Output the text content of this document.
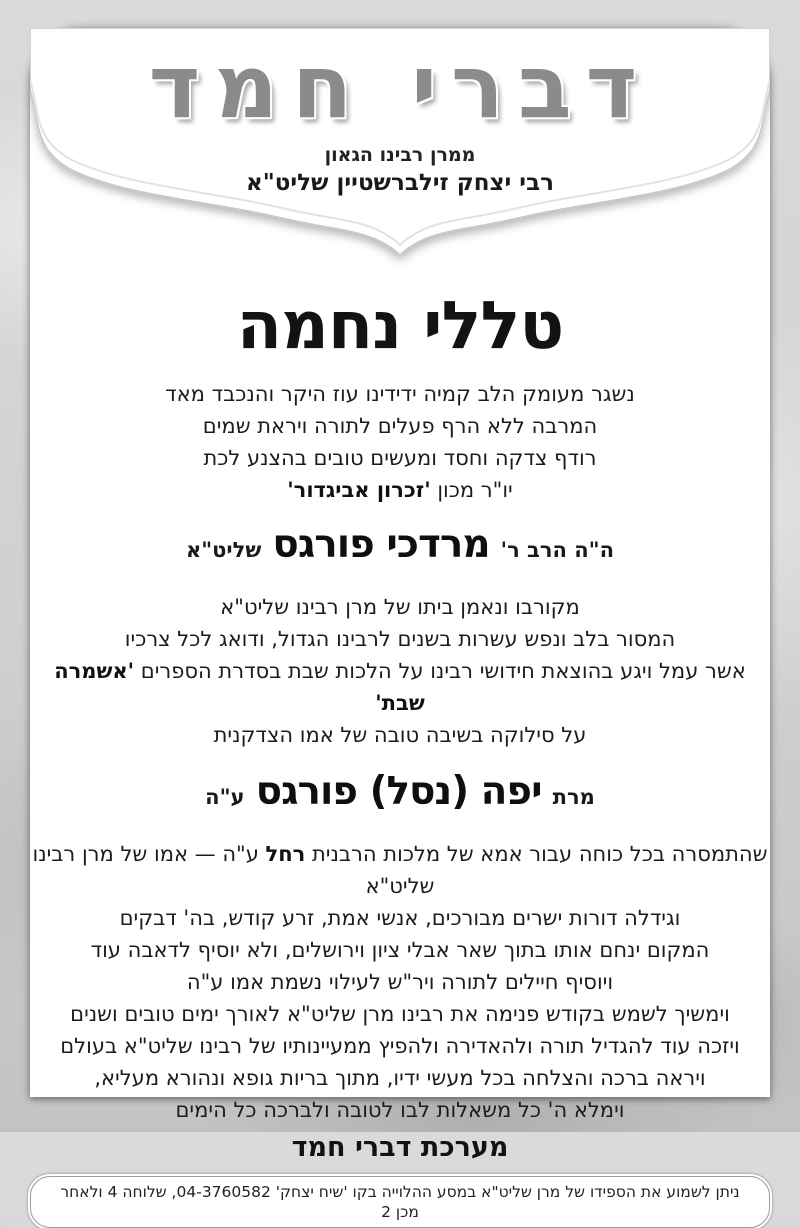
דברי חמד
ממרן רבינו הגאון
רבי יצחק זילברשטיין שליט"א
טללי נחמה
נשגר מעומק הלב קמיה ידידינו עוז היקר והנכבד מאד
המרבה ללא הרף פעלים לתורה ויראת שמים
רודף צדקה וחסד ומעשים טובים בהצנע לכת
יו"ר מכון 'זכרון אביגדור'
ה"ה הרב ר' מרדכי פורגס שליט"א
מקורבו ונאמן ביתו של מרן רבינו שליט"א
המסור בלב ונפש עשרות בשנים לרבינו הגדול, ודואג לכל צרכיו
אשר עמל ויגע בהוצאת חידושי רבינו על הלכות שבת בסדרת הספרים 'אשמרה שבת'
על סילוקה בשיבה טובה של אמו הצדקנית
מרת יפה (נסל) פורגס ע"ה
שהתמסרה בכל כוחה עבור אמא של מלכות הרבנית רחל ע"ה — אמו של מרן רבינו שליט"א
וגידלה דורות ישרים מבורכים, אנשי אמת, זרע קודש, בה' דבקים
המקום ינחם אותו בתוך שאר אבלי ציון וירושלים, ולא יוסיף לדאבה עוד
ויוסיף חיילים לתורה ויר"ש לעילוי נשמת אמו ע"ה
וימשיך לשמש בקודש פנימה את רבינו מרן שליט"א לאורך ימים טובים ושנים
ויזכה עוד להגדיל תורה ולהאדירה ולהפיץ ממעיינותיו של רבינו שליט"א בעולם
ויראה ברכה והצלחה בכל מעשי ידיו, מתוך בריות גופא ונהורא מעליא,
וימלא ה' כל משאלות לבו לטובה ולברכה כל הימים
מערכת דברי חמד
ניתן לשמוע את הספידו של מרן שליט"א במסע ההלוייה בקו 'שיח יצחק' 04-3760582, שלוחה 4 ולאחר מכן 2
